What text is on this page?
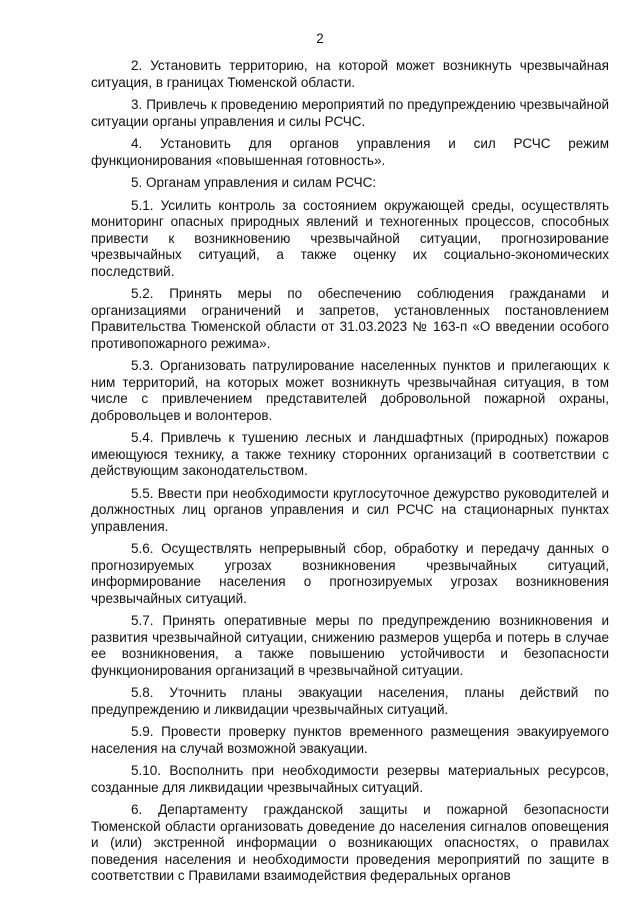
2

2. Установить территорию, на которой может возникнуть чрезвычайная ситуация, в границах Тюменской области.

3. Привлечь к проведению мероприятий по предупреждению чрезвычайной ситуации органы управления и силы РСЧС.

4. Установить для органов управления и сил РСЧС режим функционирования «повышенная готовность».

5. Органам управления и силам РСЧС:

5.1. Усилить контроль за состоянием окружающей среды, осуществлять мониторинг опасных природных явлений и техногенных процессов, способных привести к возникновению чрезвычайной ситуации, прогнозирование чрезвычайных ситуаций, а также оценку их социально-экономических последствий.

5.2. Принять меры по обеспечению соблюдения гражданами и организациями ограничений и запретов, установленных постановлением Правительства Тюменской области от 31.03.2023 № 163-п «О введении особого противопожарного режима».

5.3. Организовать патрулирование населенных пунктов и прилегающих к ним территорий, на которых может возникнуть чрезвычайная ситуация, в том числе с привлечением представителей добровольной пожарной охраны, добровольцев и волонтеров.

5.4. Привлечь к тушению лесных и ландшафтных (природных) пожаров имеющуюся технику, а также технику сторонних организаций в соответствии с действующим законодательством.

5.5. Ввести при необходимости круглосуточное дежурство руководителей и должностных лиц органов управления и сил РСЧС на стационарных пунктах управления.

5.6. Осуществлять непрерывный сбор, обработку и передачу данных о прогнозируемых угрозах возникновения чрезвычайных ситуаций, информирование населения о прогнозируемых угрозах возникновения чрезвычайных ситуаций.

5.7. Принять оперативные меры по предупреждению возникновения и развития чрезвычайной ситуации, снижению размеров ущерба и потерь в случае ее возникновения, а также повышению устойчивости и безопасности функционирования организаций в чрезвычайной ситуации.

5.8. Уточнить планы эвакуации населения, планы действий по предупреждению и ликвидации чрезвычайных ситуаций.

5.9. Провести проверку пунктов временного размещения эвакуируемого населения на случай возможной эвакуации.

5.10. Восполнить при необходимости резервы материальных ресурсов, созданные для ликвидации чрезвычайных ситуаций.

6. Департаменту гражданской защиты и пожарной безопасности Тюменской области организовать доведение до населения сигналов оповещения и (или) экстренной информации о возникающих опасностях, о правилах поведения населения и необходимости проведения мероприятий по защите в соответствии с Правилами взаимодействия федеральных органов
